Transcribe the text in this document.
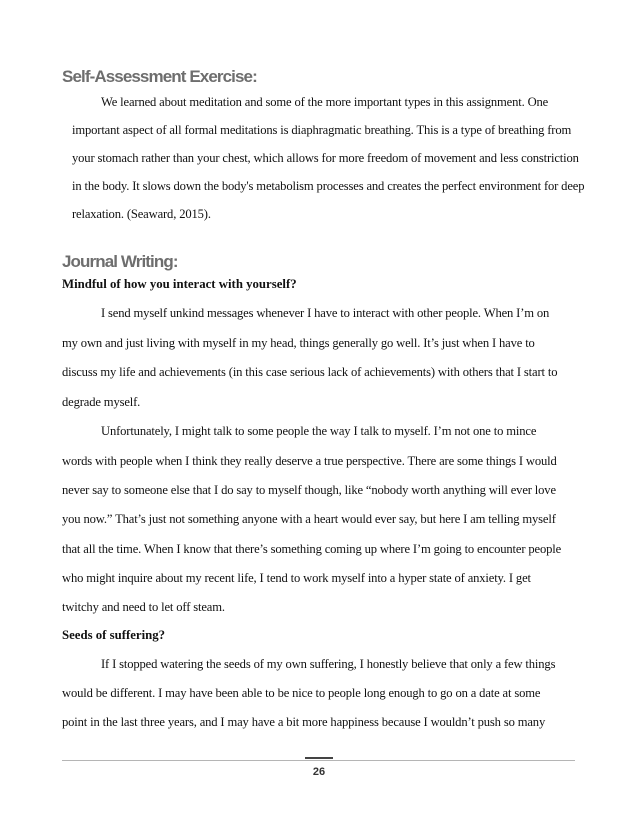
Self-Assessment Exercise:

We learned about meditation and some of the more important types in this assignment. One

important aspect of all formal meditations is diaphragmatic breathing. This is a type of breathing from

your stomach rather than your chest, which allows for more freedom of movement and less constriction

in the body. It slows down the body's metabolism processes and creates the perfect environment for deep

relaxation. (Seaward, 2015).

Journal Writing:

Mindful of how you interact with yourself?

I send myself unkind messages whenever I have to interact with other people. When I’m on

my own and just living with myself in my head, things generally go well. It’s just when I have to

discuss my life and achievements (in this case serious lack of achievements) with others that I start to

degrade myself.

Unfortunately, I might talk to some people the way I talk to myself. I’m not one to mince

words with people when I think they really deserve a true perspective. There are some things I would

never say to someone else that I do say to myself though, like “nobody worth anything will ever love

you now.” That’s just not something anyone with a heart would ever say, but here I am telling myself

that all the time. When I know that there’s something coming up where I’m going to encounter people

who might inquire about my recent life, I tend to work myself into a hyper state of anxiety. I get

twitchy and need to let off steam.

Seeds of suffering?

If I stopped watering the seeds of my own suffering, I honestly believe that only a few things

would be different. I may have been able to be nice to people long enough to go on a date at some

point in the last three years, and I may have a bit more happiness because I wouldn’t push so many

26
